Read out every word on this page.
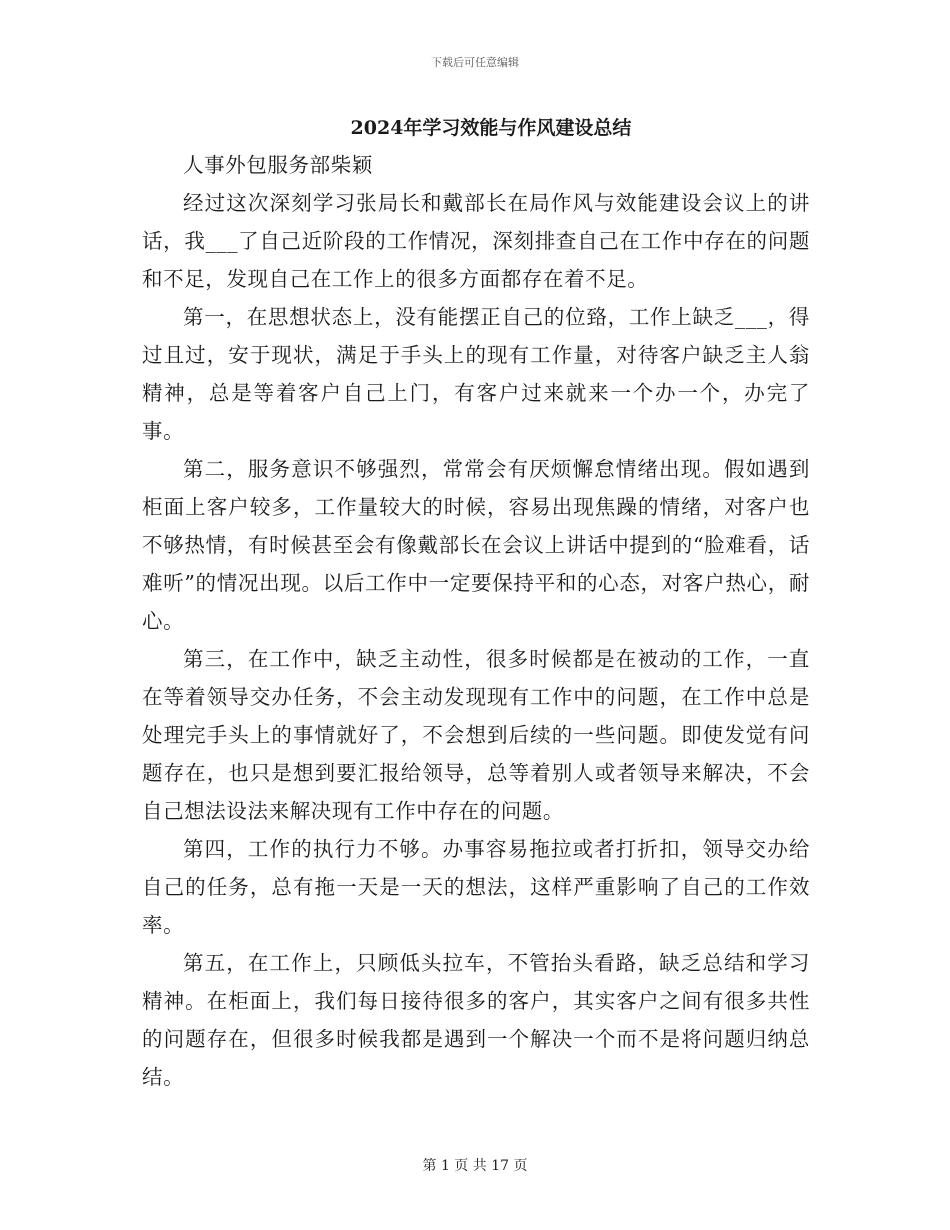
下载后可任意编辑
2024年学习效能与作风建设总结

人事外包服务部柴颖

经过这次深刻学习张局长和戴部长在局作风与效能建设会议上的讲话，我___了自己近阶段的工作情况，深刻排查自己在工作中存在的问题和不足，发现自己在工作上的很多方面都存在着不足。

第一，在思想状态上，没有能摆正自己的位臵，工作上缺乏___，得过且过，安于现状，满足于手头上的现有工作量，对待客户缺乏主人翁精神，总是等着客户自己上门，有客户过来就来一个办一个，办完了事。

第二，服务意识不够强烈，常常会有厌烦懈怠情绪出现。假如遇到柜面上客户较多，工作量较大的时候，容易出现焦躁的情绪，对客户也不够热情，有时候甚至会有像戴部长在会议上讲话中提到的“脸难看，话难听”的情况出现。以后工作中一定要保持平和的心态，对客户热心，耐心。

第三，在工作中，缺乏主动性，很多时候都是在被动的工作，一直在等着领导交办任务，不会主动发现现有工作中的问题，在工作中总是处理完手头上的事情就好了，不会想到后续的一些问题。即使发觉有问题存在，也只是想到要汇报给领导，总等着别人或者领导来解决，不会自己想法设法来解决现有工作中存在的问题。

第四，工作的执行力不够。办事容易拖拉或者打折扣，领导交办给自己的任务，总有拖一天是一天的想法，这样严重影响了自己的工作效率。

第五，在工作上，只顾低头拉车，不管抬头看路，缺乏总结和学习精神。在柜面上，我们每日接待很多的客户，其实客户之间有很多共性的问题存在，但很多时候我都是遇到一个解决一个而不是将问题归纳总结。

第 1 页 共 17 页
